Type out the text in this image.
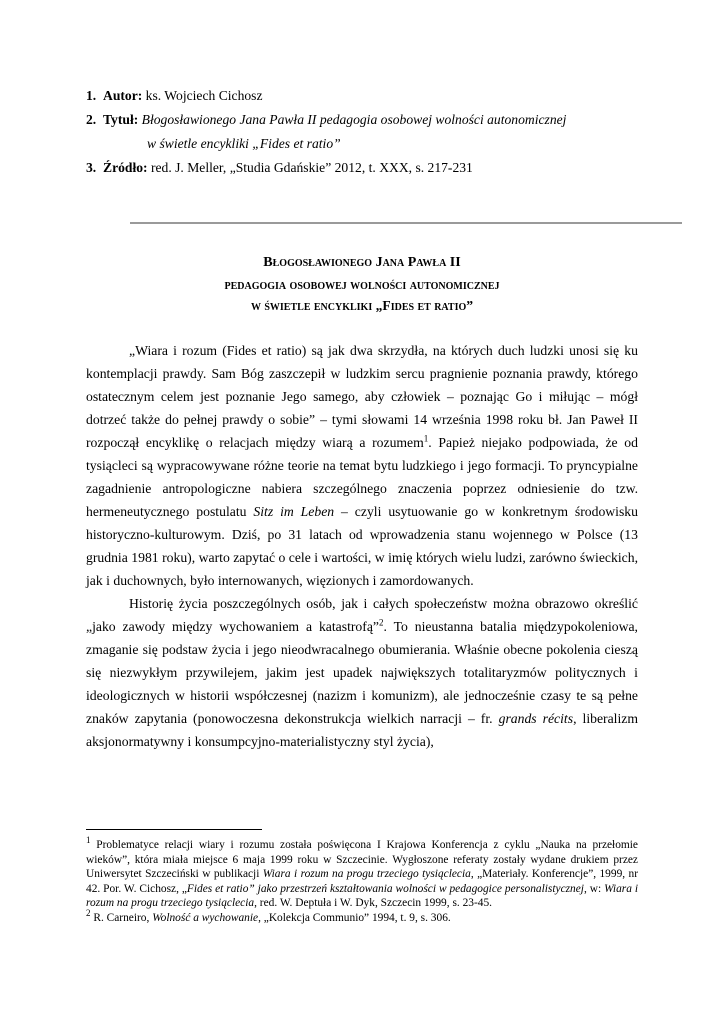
1. Autor: ks. Wojciech Cichosz
2. Tytuł: Błogosławionego Jana Pawła II pedagogia osobowej wolności autonomicznej
w świetle encykliki „Fides et ratio”
3. Źródło: red. J. Meller, „Studia Gdańskie” 2012, t. XXX, s. 217-231
Błogosławionego Jana Pawła II
pedagogia osobowej wolności autonomicznej
w świetle encykliki „Fides et ratio”

„Wiara i rozum (Fides et ratio) są jak dwa skrzydła, na których duch ludzki unosi się ku kontemplacji prawdy. Sam Bóg zaszczepił w ludzkim sercu pragnienie poznania prawdy, którego ostatecznym celem jest poznanie Jego samego, aby człowiek – poznając Go i miłując – mógł dotrzeć także do pełnej prawdy o sobie” – tymi słowami 14 września 1998 roku bł. Jan Paweł II rozpoczął encyklikę o relacjach między wiarą a rozumem$^1$. Papież niejako podpowiada, że od tysiącleci są wypracowywane różne teorie na temat bytu ludzkiego i jego formacji. To pryncypialne zagadnienie antropologiczne nabiera szczególnego znaczenia poprzez odniesienie do tzw. hermeneutycznego postulatu Sitz im Leben – czyli usytuowanie go w konkretnym środowisku historyczno-kulturowym. Dziś, po 31 latach od wprowadzenia stanu wojennego w Polsce (13 grudnia 1981 roku), warto zapytać o cele i wartości, w imię których wielu ludzi, zarówno świeckich, jak i duchownych, było internowanych, więzionych i zamordowanych.

Historię życia poszczególnych osób, jak i całych społeczeństw można obrazowo określić „jako zawody między wychowaniem a katastrofą”$^2$. To nieustanna batalia międzypokoleniowa, zmaganie się podstaw życia i jego nieodwracalnego obumierania. Właśnie obecne pokolenia cieszą się niezwykłym przywilejem, jakim jest upadek największych totalitaryzmów politycznych i ideologicznych w historii współczesnej (nazizm i komunizm), ale jednocześnie czasy te są pełne znaków zapytania (ponowoczesna dekonstrukcja wielkich narracji – fr. grands récits, liberalizm aksjonormatywny i konsumpcyjno-materialistyczny styl życia),

$^1$ Problematyce relacji wiary i rozumu została poświęcona I Krajowa Konferencja z cyklu „Nauka na przełomie wieków”, która miała miejsce 6 maja 1999 roku w Szczecinie. Wygłoszone referaty zostały wydane drukiem przez Uniwersytet Szczeciński w publikacji Wiara i rozum na progu trzeciego tysiąclecia, „Materiały. Konferencje”, 1999, nr 42. Por. W. Cichosz, „Fides et ratio” jako przestrzeń kształtowania wolności w pedagogice personalistycznej, w: Wiara i rozum na progu trzeciego tysiąclecia, red. W. Deptuła i W. Dyk, Szczecin 1999, s. 23-45.

$^2$ R. Carneiro, Wolność a wychowanie, „Kolekcja Communio” 1994, t. 9, s. 306.
